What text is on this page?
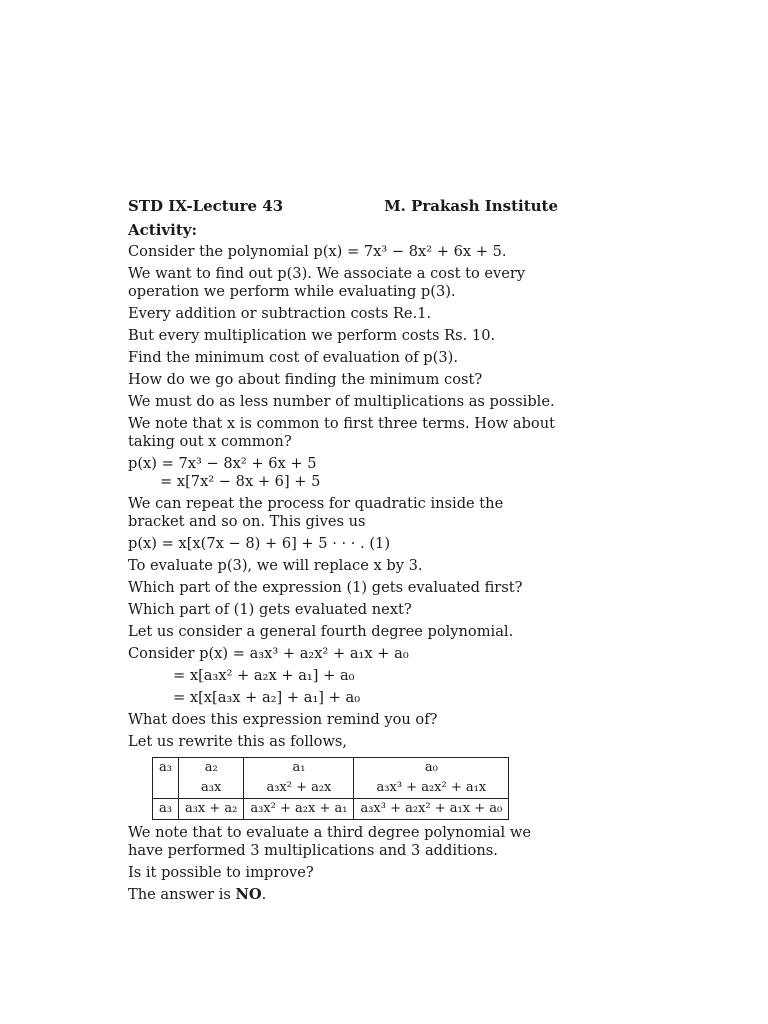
STD IX-Lecture 43	M. Prakash Institute
Activity:
Consider the polynomial p(x) = 7x³ − 8x² + 6x + 5.
We want to find out p(3). We associate a cost to every operation we perform while evaluating p(3).
Every addition or subtraction costs Re.1.
But every multiplication we perform costs Rs. 10.
Find the minimum cost of evaluation of p(3).
How do we go about finding the minimum cost?
We must do as less number of multiplications as possible.
We note that x is common to first three terms. How about taking out x common?
p(x) = 7x³ − 8x² + 6x + 5
= x[7x² − 8x + 6] + 5
We can repeat the process for quadratic inside the bracket and so on. This gives us
p(x) = x[x(7x − 8) + 6] + 5 · · · . (1)
To evaluate p(3), we will replace x by 3.
Which part of the expression (1) gets evaluated first?
Which part of (1) gets evaluated next?
Let us consider a general fourth degree polynomial.
Consider p(x) = a₃x³ + a₂x² + a₁x + a₀
= x[a₃x² + a₂x + a₁] + a₀
= x[x[a₃x + a₂] + a₁] + a₀
What does this expression remind you of?
Let us rewrite this as follows,
a₃	a₂	a₁	a₀
	a₃x	a₃x² + a₂x	a₃x³ + a₂x² + a₁x
a₃	a₃x + a₂	a₃x² + a₂x + a₁	a₃x³ + a₂x² + a₁x + a₀
We note that to evaluate a third degree polynomial we have performed 3 multiplications and 3 additions.
Is it possible to improve?
The answer is NO.
